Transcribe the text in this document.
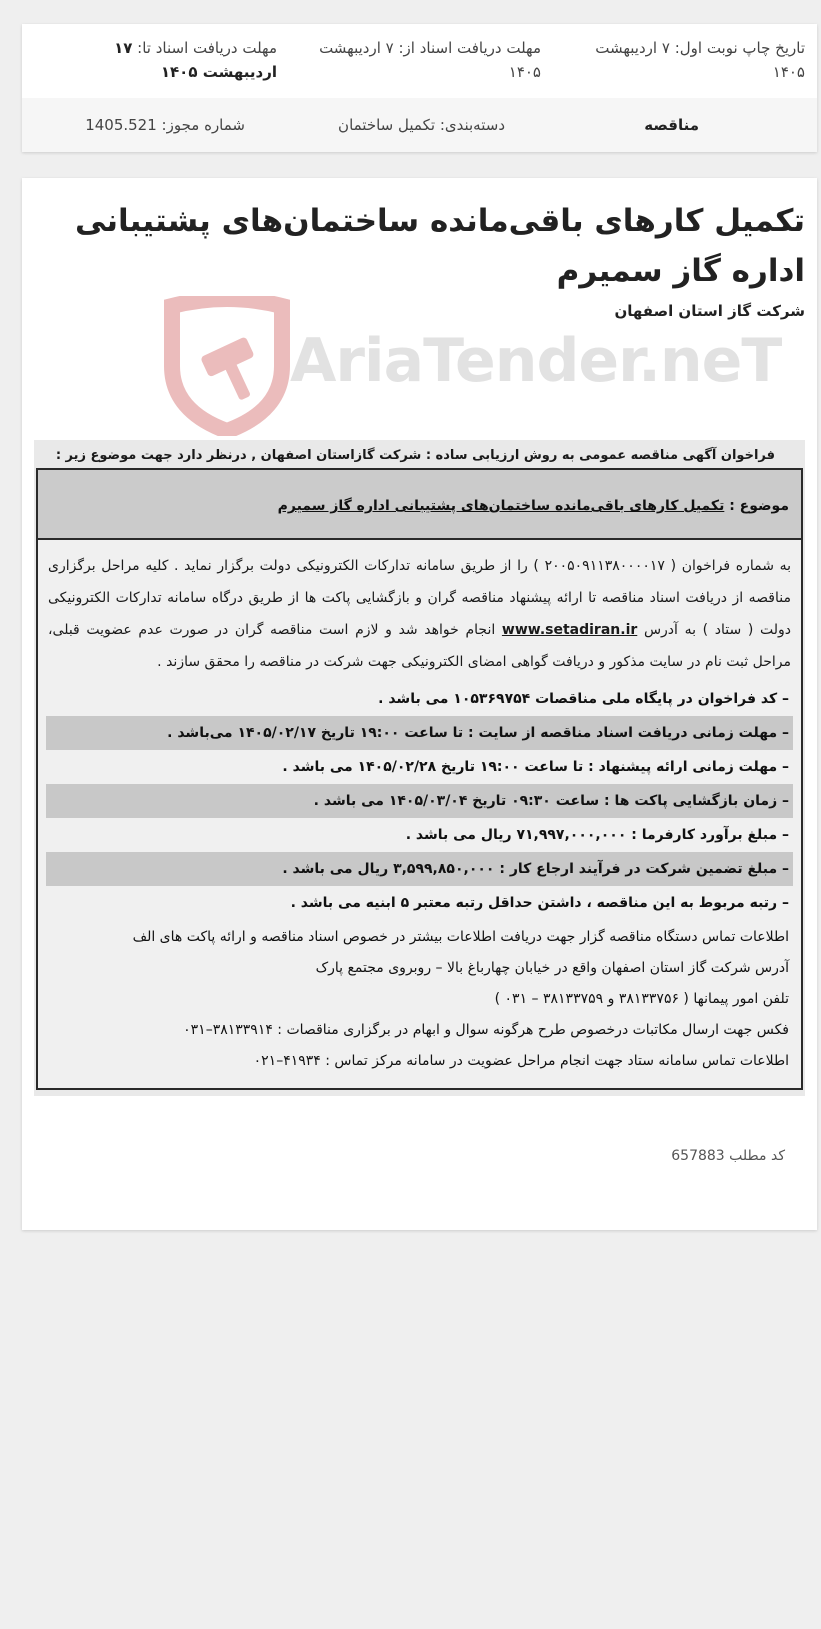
تاریخ چاپ نوبت اول: ۷ اردیبهشت ۱۴۰۵
مهلت دریافت اسناد از: ۷ اردیبهشت ۱۴۰۵
مهلت دریافت اسناد تا: ۱۷ اردیبهشت ۱۴۰۵
مناقصه
دسته‌بندی: تکمیل ساختمان
شماره مجوز: 1405.521
تکمیل کارهای باقی‌مانده ساختمان‌های پشتیبانی اداره گاز سمیرم
شرکت گاز استان اصفهان
AriaTender.neT
فراخوان آگهی مناقصه عمومی به روش ارزیابی ساده : شرکت گازاستان اصفهان , درنظر دارد جهت موضوع زیر :
موضوع : تکمیل کارهای باقی‌مانده ساختمان‌های پشتیبانی اداره گاز سمیرم
به شماره فراخوان ( ۲۰۰۵۰۹۱۱۳۸۰۰۰۰۱۷ ) را از طریق سامانه تدارکات الکترونیکی دولت برگزار نماید . کلیه مراحل برگزاری مناقصه از دریافت اسناد مناقصه تا ارائه پیشنهاد مناقصه گران و بازگشایی پاکت ها از طریق درگاه سامانه تدارکات الکترونیکی دولت ( ستاد ) به آدرس www.setadiran.ir انجام خواهد شد و لازم است مناقصه گران در صورت عدم عضویت قبلی، مراحل ثبت نام در سایت مذکور و دریافت گواهی امضای الکترونیکی جهت شرکت در مناقصه را محقق سازند .
– کد فراخوان در پایگاه ملی مناقصات ۱۰۵۳۶۹۷۵۴ می باشد .
– مهلت زمانی دریافت اسناد مناقصه از سایت : تا ساعت ۱۹:۰۰ تاریخ ۱۴۰۵/۰۲/۱۷ می‌باشد .
– مهلت زمانی ارائه پیشنهاد : تا ساعت ۱۹:۰۰ تاریخ ۱۴۰۵/۰۲/۲۸ می باشد .
– زمان بازگشایی پاکت ها : ساعت ۰۹:۳۰ تاریخ ۱۴۰۵/۰۳/۰۴ می باشد .
– مبلغ برآورد کارفرما : ۷۱,۹۹۷,۰۰۰,۰۰۰ ریال می باشد .
– مبلغ تضمین شرکت در فرآیند ارجاع کار : ۳,۵۹۹,۸۵۰,۰۰۰ ریال می باشد .
– رتبه مربوط به این مناقصه ، داشتن حداقل رتبه معتبر ۵ ابنیه می باشد .
اطلاعات تماس دستگاه مناقصه گزار جهت دریافت اطلاعات بیشتر در خصوص اسناد مناقصه و ارائه پاکت های الف
آدرس شرکت گاز استان اصفهان واقع در خیابان چهارباغ بالا – روبروی مجتمع پارک
تلفن امور پیمانها ( ۳۸۱۳۳۷۵۶ و ۳۸۱۳۳۷۵۹ – ۰۳۱ )
فکس جهت ارسال مکاتبات درخصوص طرح هرگونه سوال و ابهام در برگزاری مناقصات : ۳۸۱۳۳۹۱۴–۰۳۱
اطلاعات تماس سامانه ستاد جهت انجام مراحل عضویت در سامانه مرکز تماس : ۴۱۹۳۴–۰۲۱
کد مطلب 657883
